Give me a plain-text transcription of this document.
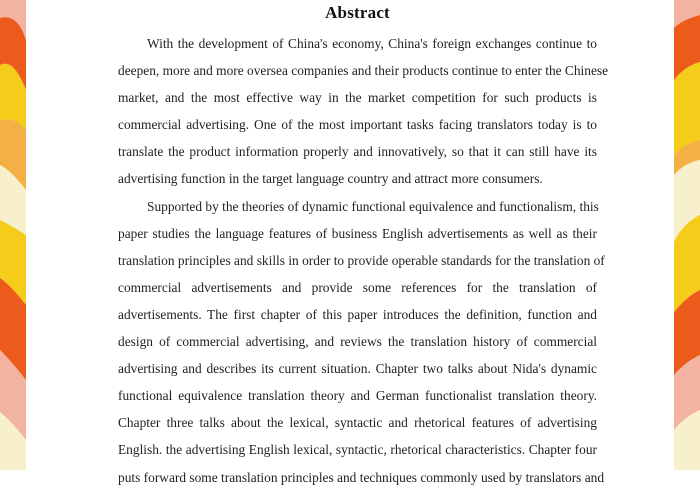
Abstract
With the development of China's economy, China's foreign exchanges continue to
deepen, more and more oversea companies and their products continue to enter the Chinese
market, and the most effective way in the market competition for such products is
commercial advertising. One of the most important tasks facing translators today is to
translate the product information properly and innovatively, so that it can still have its
advertising function in the target language country and attract more consumers.
Supported by the theories of dynamic functional equivalence and functionalism, this
paper studies the language features of business English advertisements as well as their
translation principles and skills in order to provide operable standards for the translation of
commercial advertisements and provide some references for the translation of
advertisements. The first chapter of this paper introduces the definition, function and
design of commercial advertising, and reviews the translation history of commercial
advertising and describes its current situation. Chapter two talks about Nida's dynamic
functional equivalence translation theory and German functionalist translation theory.
Chapter three talks about the lexical, syntactic and rhetorical features of advertising
English. the advertising English lexical, syntactic, rhetorical characteristics. Chapter four
puts forward some translation principles and techniques commonly used by translators and
